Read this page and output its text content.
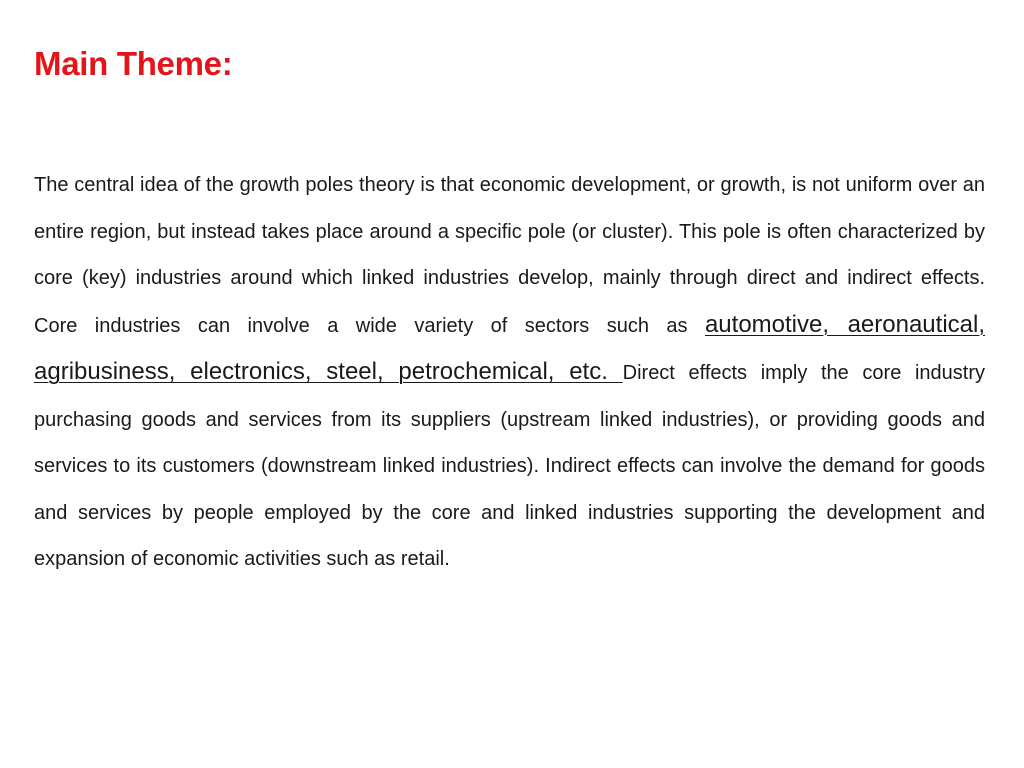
Main Theme:

The central idea of the growth poles theory is that economic development, or growth, is not uniform over an entire region, but instead takes place around a specific pole (or cluster). This pole is often characterized by core (key) industries around which linked industries develop, mainly through direct and indirect effects. Core industries can involve a wide variety of sectors such as automotive, aeronautical, agribusiness, electronics, steel, petrochemical, etc. Direct effects imply the core industry purchasing goods and services from its suppliers (upstream linked industries), or providing goods and services to its customers (downstream linked industries). Indirect effects can involve the demand for goods and services by people employed by the core and linked industries supporting the development and expansion of economic activities such as retail.
